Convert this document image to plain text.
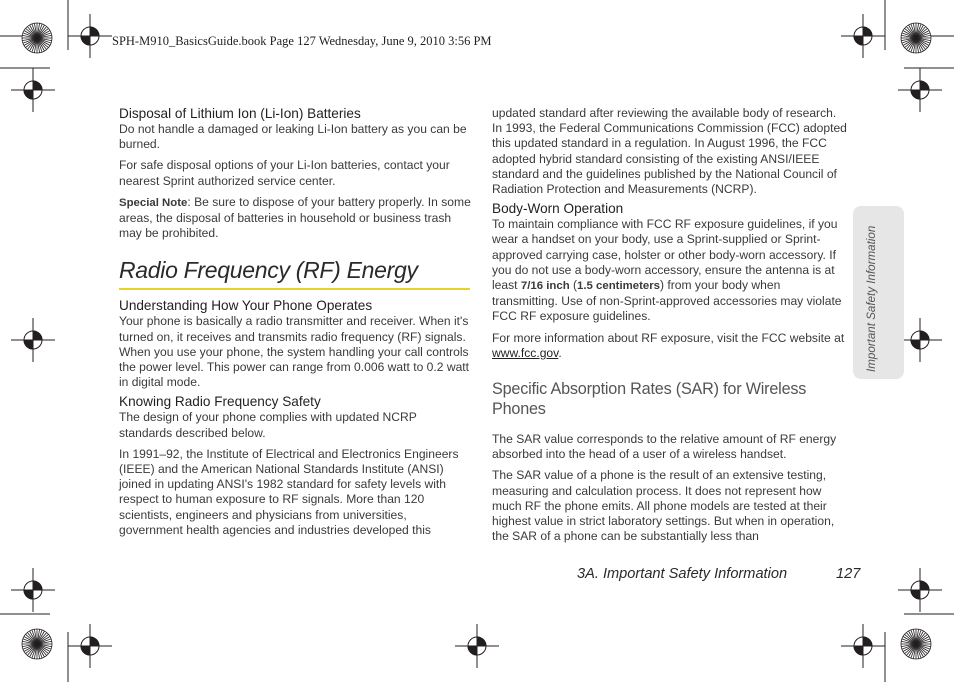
SPH-M910_BasicsGuide.book Page 127 Wednesday, June 9, 2010 3:56 PM
Disposal of Lithium Ion (Li-Ion) Batteries

Do not handle a damaged or leaking Li-Ion battery as you can be burned.

For safe disposal options of your Li-Ion batteries, contact your nearest Sprint authorized service center.

Special Note: Be sure to dispose of your battery properly. In some areas, the disposal of batteries in household or business trash may be prohibited.

Radio Frequency (RF) Energy
Understanding How Your Phone Operates

Your phone is basically a radio transmitter and receiver. When it's turned on, it receives and transmits radio frequency (RF) signals. When you use your phone, the system handling your call controls the power level. This power can range from 0.006 watt to 0.2 watt in digital mode.

Knowing Radio Frequency Safety

The design of your phone complies with updated NCRP standards described below.

In 1991–92, the Institute of Electrical and Electronics Engineers (IEEE) and the American National Standards Institute (ANSI) joined in updating ANSI's 1982 standard for safety levels with respect to human exposure to RF signals. More than 120 scientists, engineers and physicians from universities, government health agencies and industries developed this

updated standard after reviewing the available body of research. In 1993, the Federal Communications Commission (FCC) adopted this updated standard in a regulation. In August 1996, the FCC adopted hybrid standard consisting of the existing ANSI/IEEE standard and the guidelines published by the National Council of Radiation Protection and Measurements (NCRP).

Body-Worn Operation

To maintain compliance with FCC RF exposure guidelines, if you wear a handset on your body, use a Sprint-supplied or Sprint-approved carrying case, holster or other body-worn accessory. If you do not use a body-worn accessory, ensure the antenna is at least 7/16 inch (1.5 centimeters) from your body when transmitting. Use of non-Sprint-approved accessories may violate FCC RF exposure guidelines.

For more information about RF exposure, visit the FCC website at www.fcc.gov.

Specific Absorption Rates (SAR) for Wireless Phones

The SAR value corresponds to the relative amount of RF energy absorbed into the head of a user of a wireless handset.

The SAR value of a phone is the result of an extensive testing, measuring and calculation process. It does not represent how much RF the phone emits. All phone models are tested at their highest value in strict laboratory settings. But when in operation, the SAR of a phone can be substantially less than

Important Safety Information
3A. Important Safety Information	127
